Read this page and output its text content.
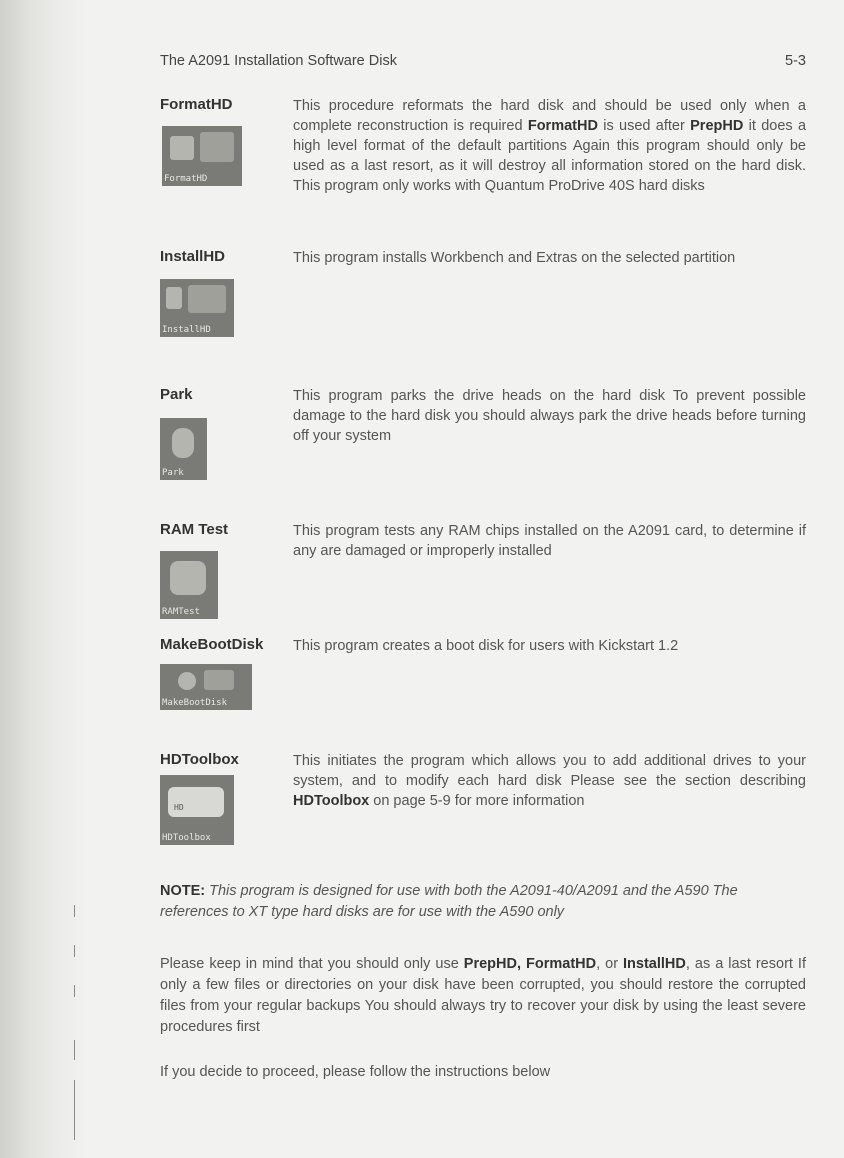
The A2091 Installation Software Disk	5-3
FormatHD
FormatHD
This procedure reformats the hard disk and should be used only when a complete reconstruction is required FormatHD is used after PrepHD it does a high level format of the default partitions Again this program should only be used as a last resort, as it will destroy all information stored on the hard disk. This program only works with Quantum ProDrive 40S hard disks
InstallHD
InstallHD
This program installs Workbench and Extras on the selected partition
Park
Park
This program parks the drive heads on the hard disk To prevent possible damage to the hard disk you should always park the drive heads before turning off your system
RAM Test
RAMTest
This program tests any RAM chips installed on the A2091 card, to determine if any are damaged or improperly installed
MakeBootDisk
MakeBootDisk
This program creates a boot disk for users with Kickstart 1.2
HDToolbox
HD
HDToolbox
This initiates the program which allows you to add additional drives to your system, and to modify each hard disk Please see the section describing HDToolbox on page 5-9 for more information
NOTE: This program is designed for use with both the A2091-40/A2091 and the A590 The references to XT type hard disks are for use with the A590 only
Please keep in mind that you should only use PrepHD, FormatHD, or InstallHD, as a last resort If only a few files or directories on your disk have been corrupted, you should restore the corrupted files from your regular backups You should always try to recover your disk by using the least severe procedures first
If you decide to proceed, please follow the instructions below
